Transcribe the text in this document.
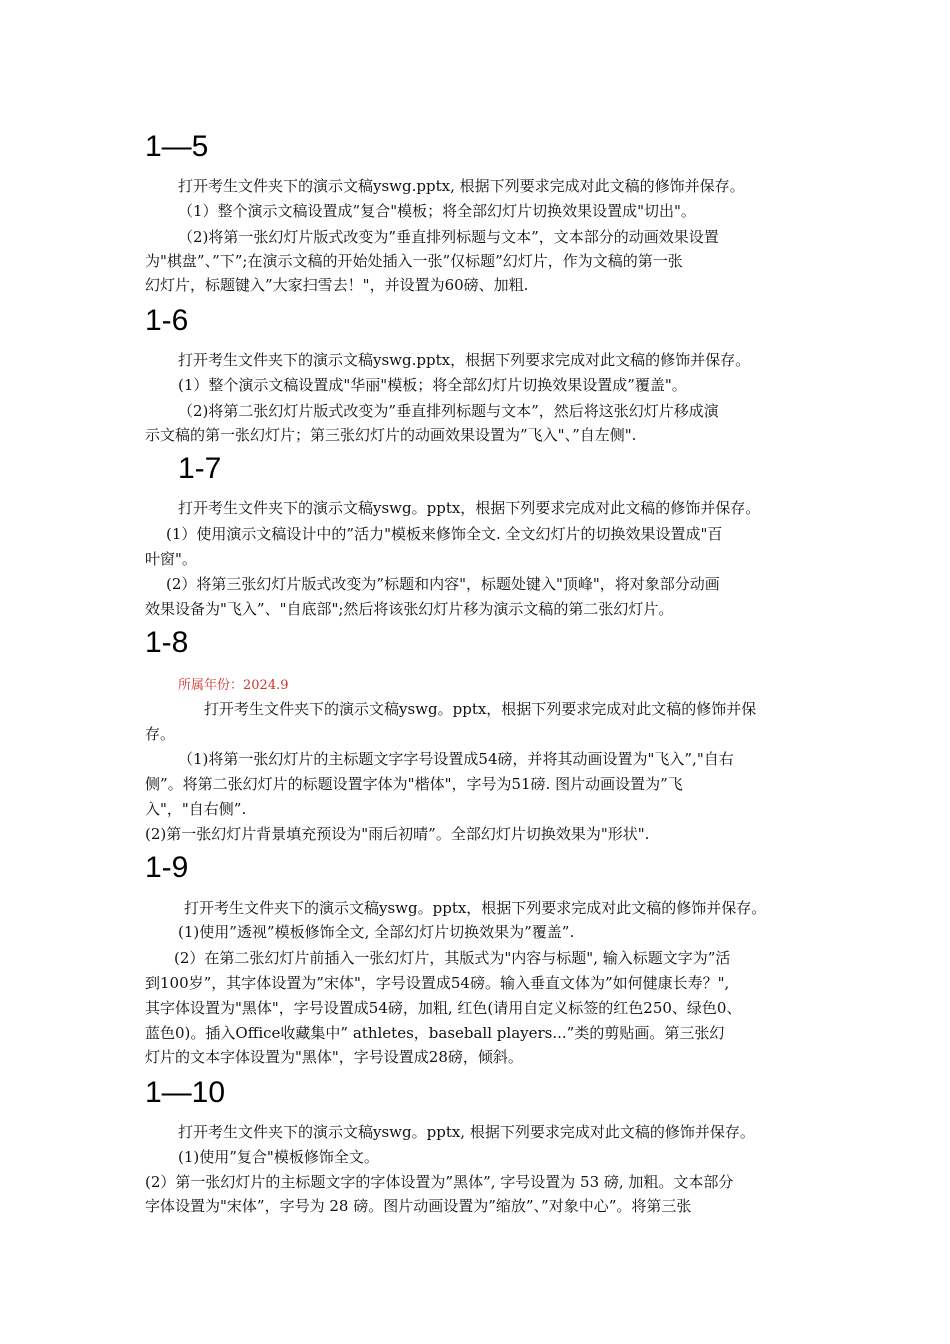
1—5
打开考生文件夹下的演示文稿yswg.pptx, 根据下列要求完成对此文稿的修饰并保存。
（1）整个演示文稿设置成”复合"模板；将全部幻灯片切换效果设置成"切出"。
（2)将第一张幻灯片版式改变为”垂直排列标题与文本”，文本部分的动画效果设置
为"棋盘”、”下”;在演示文稿的开始处插入一张”仅标题”幻灯片，作为文稿的第一张
幻灯片，标题键入”大家扫雪去！"，并设置为60磅、加粗.
1-6
打开考生文件夹下的演示文稿yswg.pptx，根据下列要求完成对此文稿的修饰并保存。
(1）整个演示文稿设置成"华丽"模板；将全部幻灯片切换效果设置成”覆盖"。
（2)将第二张幻灯片版式改变为”垂直排列标题与文本”，然后将这张幻灯片移成演
示文稿的第一张幻灯片；第三张幻灯片的动画效果设置为”飞入"、”自左侧".
1-7
打开考生文件夹下的演示文稿yswg。pptx，根据下列要求完成对此文稿的修饰并保存。
(1）使用演示文稿设计中的”活力"模板来修饰全文. 全文幻灯片的切换效果设置成"百
叶窗"。
(2）将第三张幻灯片版式改变为”标题和内容"，标题处键入"顶峰"，将对象部分动画
效果设备为"飞入”、"自底部";然后将该张幻灯片移为演示文稿的第二张幻灯片。
1-8
所属年份：2024.9
打开考生文件夹下的演示文稿yswg。pptx，根据下列要求完成对此文稿的修饰并保
存。
（1)将第一张幻灯片的主标题文字字号设置成54磅，并将其动画设置为"飞入”,"自右
侧”。将第二张幻灯片的标题设置字体为"楷体"，字号为51磅. 图片动画设置为”飞
入"，"自右侧”.
(2)第一张幻灯片背景填充预设为"雨后初晴”。全部幻灯片切换效果为"形状".
1-9
打开考生文件夹下的演示文稿yswg。pptx，根据下列要求完成对此文稿的修饰并保存。
(1)使用”透视”模板修饰全文, 全部幻灯片切换效果为”覆盖”.
(2）在第二张幻灯片前插入一张幻灯片，其版式为"内容与标题", 输入标题文字为”活
到100岁”，其字体设置为”宋体"，字号设置成54磅。输入垂直文体为”如何健康长寿？",
其字体设置为"黑体"，字号设置成54磅，加粗, 红色(请用自定义标签的红色250、绿色0、
蓝色0)。插入Office收藏集中” athletes，baseball players...”类的剪贴画。第三张幻
灯片的文本字体设置为"黑体"，字号设置成28磅，倾斜。
1—10
打开考生文件夹下的演示文稿yswg。pptx, 根据下列要求完成对此文稿的修饰并保存。
(1)使用”复合"模板修饰全文。
(2）第一张幻灯片的主标题文字的字体设置为”黑体”, 字号设置为 53 磅, 加粗。文本部分
字体设置为"宋体”，字号为 28 磅。图片动画设置为”缩放”、”对象中心”。将第三张
